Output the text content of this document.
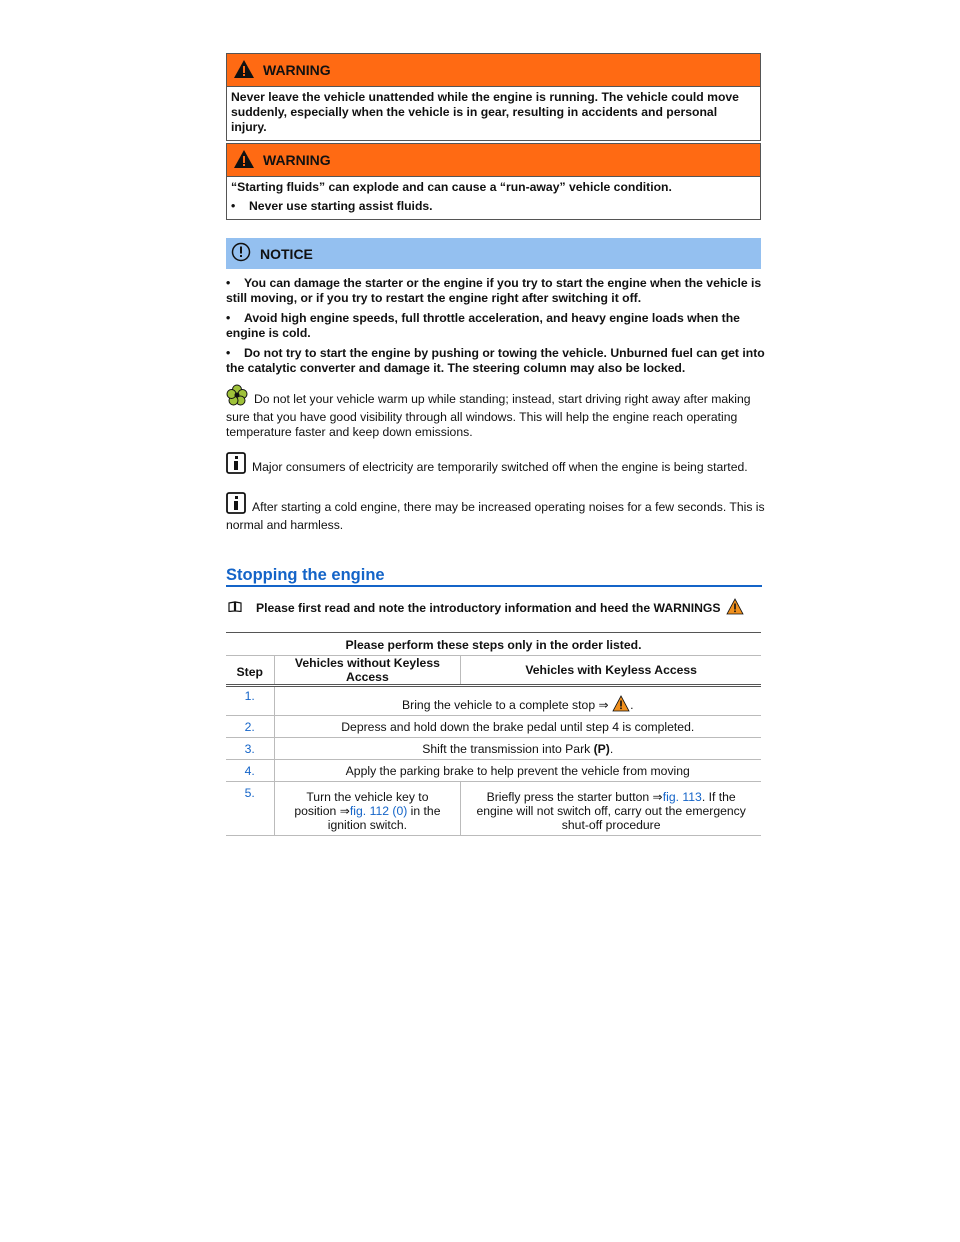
WARNING
Never leave the vehicle unattended while the engine is running. The vehicle could move suddenly, especially when the vehicle is in gear, resulting in accidents and personal injury.
WARNING
“Starting fluids” can explode and can cause a “run-away” vehicle condition.
• Never use starting assist fluids.
NOTICE
• You can damage the starter or the engine if you try to start the engine when the vehicle is still moving, or if you try to restart the engine right after switching it off.
• Avoid high engine speeds, full throttle acceleration, and heavy engine loads when the engine is cold.
• Do not try to start the engine by pushing or towing the vehicle. Unburned fuel can get into the catalytic converter and damage it. The steering column may also be locked.
Do not let your vehicle warm up while standing; instead, start driving right away after making sure that you have good visibility through all windows. This will help the engine reach operating temperature faster and keep down emissions.
Major consumers of electricity are temporarily switched off when the engine is being started.
After starting a cold engine, there may be increased operating noises for a few seconds. This is normal and harmless.
Stopping the engine
Please first read and note the introductory information and heed the WARNINGS
Please perform these steps only in the order listed.
Step	Vehicles without Keyless Access	Vehicles with Keyless Access
1.	Bring the vehicle to a complete stop ⇒ .	
2.	Depress and hold down the brake pedal until step 4 is completed.	
3.	Shift the transmission into Park (P).	
4.	Apply the parking brake to help prevent the vehicle from moving	
5.	Turn the vehicle key to position ⇒fig. 112 (0) in the ignition switch.	Briefly press the starter button ⇒fig. 113. If the engine will not switch off, carry out the emergency shut-off procedure
